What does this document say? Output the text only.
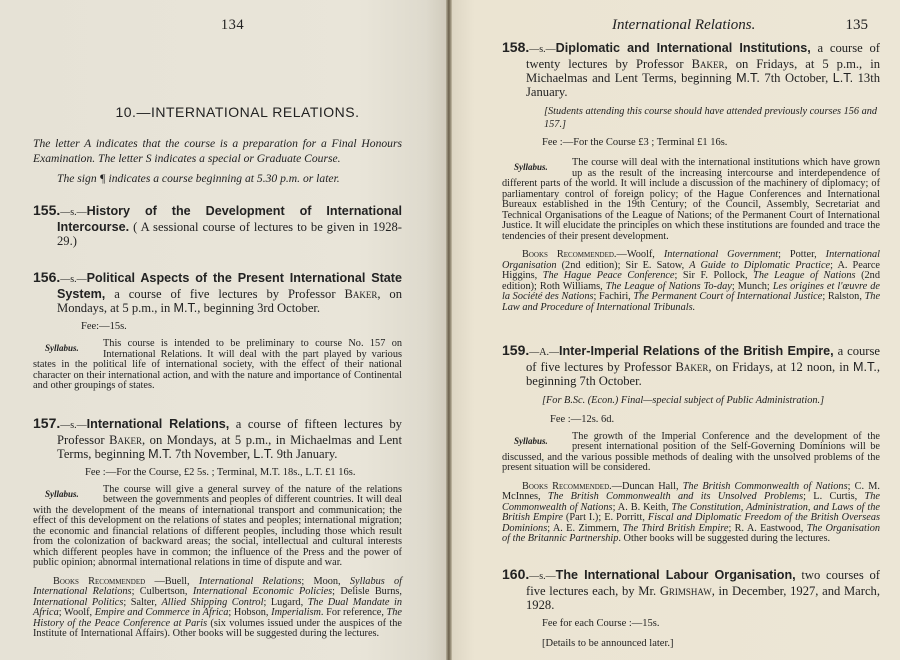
134
10.—INTERNATIONAL RELATIONS.
The letter A indicates that the course is a preparation for a Final Honours Examination. The letter S indicates a special or Graduate Course.
The sign ¶ indicates a course beginning at 5.30 p.m. or later.
155.—s.—History of the Development of International Intercourse. ( A sessional course of lectures to be given in 1928-29.)
156.—s.—Political Aspects of the Present International State System, a course of five lectures by Professor Baker, on Mondays, at 5 p.m., in M.T., beginning 3rd October.
Fee:—15s.
Syllabus.	This course is intended to be preliminary to course No. 157 on International Relations. It will deal with the part played by various states in the political life of international society, with the effect of their national character on their international action, and with the nature and importance of Continental and other groupings of states.
157.—s.—International Relations, a course of fifteen lectures by Professor Baker, on Mondays, at 5 p.m., in Michaelmas and Lent Terms, beginning M.T. 7th November, L.T. 9th January.
Fee :—For the Course, £2 5s. ; Terminal, M.T. 18s., L.T. £1 16s.
Syllabus.	The course will give a general survey of the nature of the relations between the governments and peoples of different countries. It will deal with the development of the means of international transport and communication; the effect of this development on the relations of states and peoples; international migration; the economic and financial relations of different peoples, including those which result from the colonization of backward areas; the social, intellectual and cultural interests which different peoples have in common; the influence of the Press and the power of public opinion; abnormal international relations in time of dispute and war.
Books Recommended —Buell, International Relations; Moon, Syllabus of International Relations; Culbertson, International Economic Policies; Delisle Burns, International Politics; Salter, Allied Shipping Control; Lugard, The Dual Mandate in Africa; Woolf, Empire and Commerce in Africa; Hobson, Imperialism. For reference, The History of the Peace Conference at Paris (six volumes issued under the auspices of the Institute of International Affairs). Other books will be suggested during the lectures.
International Relations.	135
158.—s.—Diplomatic and International Institutions, a course of twenty lectures by Professor Baker, on Fridays, at 5 p.m., in Michaelmas and Lent Terms, beginning M.T. 7th October, L.T. 13th January.
[Students attending this course should have attended previously courses 156 and 157.]
Fee :—For the Course £3 ; Terminal £1 16s.
Syllabus.	The course will deal with the international institutions which have grown up as the result of the increasing intercourse and interdependence of different parts of the world. It will include a discussion of the machinery of diplomacy; of parliamentary control of foreign policy; of the Hague Conferences and International Bureaux established in the 19th Century; of the Council, Assembly, Secretariat and Technical Organisations of the League of Nations; of the Permanent Court of International Justice. It will elucidate the principles on which these institutions are founded and trace the tendencies of their present development.
Books Recommended.—Woolf, International Government; Potter, International Organisation (2nd edition); Sir E. Satow, A Guide to Diplomatic Practice; A. Pearce Higgins, The Hague Peace Conference; Sir F. Pollock, The League of Nations (2nd edition); Roth Williams, The League of Nations To-day; Munch; Les origines et l'œuvre de la Société des Nations; Fachiri, The Permanent Court of International Justice; Ralston, The Law and Procedure of International Tribunals.
159.—A.—Inter-Imperial Relations of the British Empire, a course of five lectures by Professor Baker, on Fridays, at 12 noon, in M.T., beginning 7th October.
[For B.Sc. (Econ.) Final—special subject of Public Administration.]
Fee :—12s. 6d.
Syllabus.	The growth of the Imperial Conference and the development of the present international position of the Self-Governing Dominions will be discussed, and the various possible methods of dealing with the unsolved problems of the present situation will be considered.
Books Recommended.—Duncan Hall, The British Commonwealth of Nations; C. M. McInnes, The British Commonwealth and its Unsolved Problems; L. Curtis, The Commonwealth of Nations; A. B. Keith, The Constitution, Administration, and Laws of the British Empire (Part I.); E. Porritt, Fiscal and Diplomatic Freedom of the British Overseas Dominions; A. E. Zimmern, The Third British Empire; R. A. Eastwood, The Organisation of the Britannic Partnership. Other books will be suggested during the lectures.
160.—s.—The International Labour Organisation, two courses of five lectures each, by Mr. Grimshaw, in December, 1927, and March, 1928.
Fee for each Course :—15s.
[Details to be announced later.]
